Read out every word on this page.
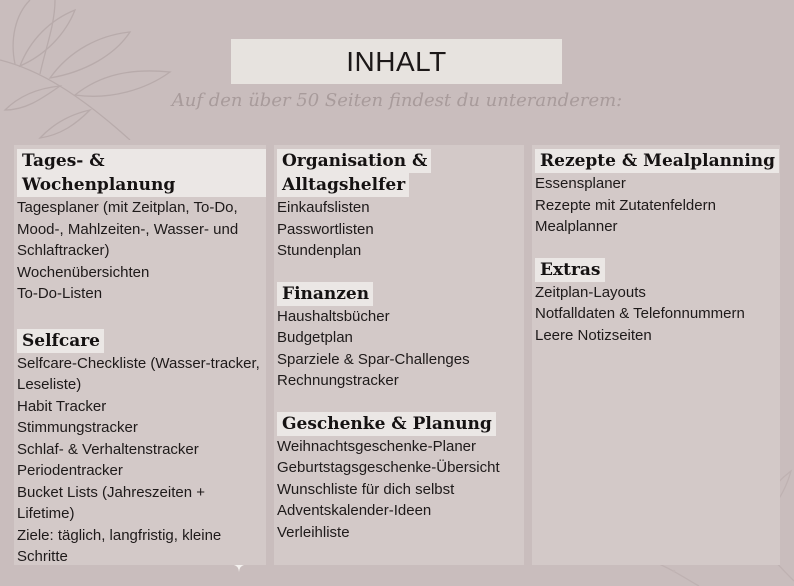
INHALT
Auf den über 50 Seiten findest du unteranderem:
Tages- & Wochenplanung

Tagesplaner (mit Zeitplan, To-Do,

Mood-, Mahlzeiten-, Wasser- und

Schlaftracker)

Wochenübersichten

To-Do-Listen

Selfcare

Selfcare-Checkliste (Wasser-tracker,

Leseliste)

Habit Tracker

Stimmungstracker

Schlaf- & Verhaltenstracker

Periodentracker

Bucket Lists (Jahreszeiten +

Lifetime)

Ziele: täglich, langfristig, kleine

Schritte

Organisation &
Alltagshelfer

Einkaufslisten

Passwortlisten

Stundenplan

Finanzen

Haushaltsbücher

Budgetplan

Sparziele & Spar-Challenges

Rechnungstracker

Geschenke & Planung

Weihnachtsgeschenke-Planer

Geburtstagsgeschenke-Übersicht

Wunschliste für dich selbst

Adventskalender-Ideen

Verleihliste

Rezepte & Mealplanning

Essensplaner

Rezepte mit Zutatenfeldern

Mealplanner

Extras

Zeitplan-Layouts

Notfalldaten & Telefonnummern

Leere Notizseiten
